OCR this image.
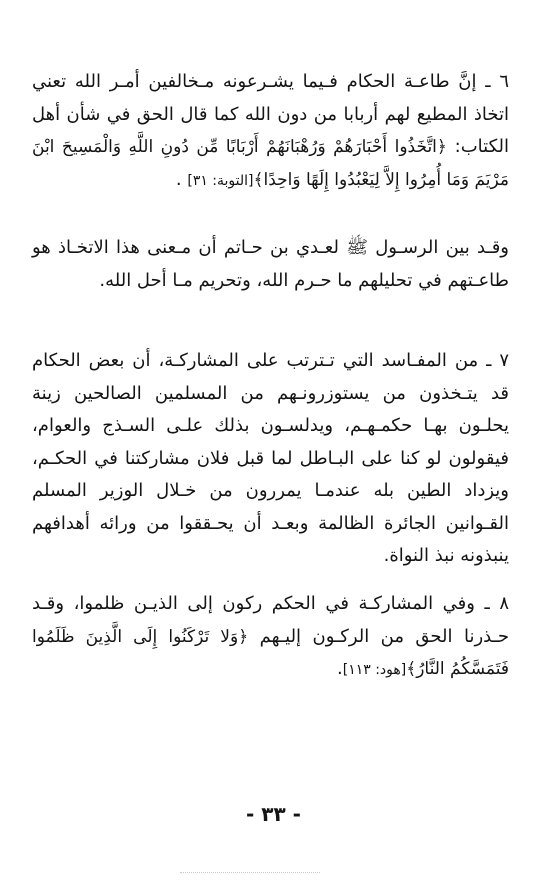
٦ ـ إنَّ طاعـة الحكام فـيما يشـرعونه مـخالفين أمـر الله تعني اتخاذ المطيع لهم أربابا من دون الله كما قال الحق في شأن أهل الكتاب: ﴿اتَّخَذُوا أَحْبَارَهُمْ وَرُهْبَانَهُمْ أَرْبَابًا مِّن دُونِ اللَّهِ وَالْمَسِيحَ ابْنَ مَرْيَمَ وَمَا أُمِرُوا إِلاَّ لِيَعْبُدُوا إِلَهًا وَاحِدًا﴾[التوبة: ٣١] .

وقـد بين الرسـول ﷺ لعـدي بن حـاتم أن مـعنى هذا الاتخـاذ هو طاعـتهم في تحليلهم ما حـرم الله، وتحريم مـا أحل الله.

٧ ـ من المفـاسد التي تـترتب على المشاركـة، أن بعض الحكام قد يتـخذون من يستوزرونـهم من المسلمين الصالحين زينة يحلـون بهـا حكمـهـم، ويدلسـون بذلك علـى السـذج والعوام، فيقولون لو كنا على البـاطل لما قبل فلان مشاركتنا في الحكـم، ويزداد الطين بله عندمـا يمررون من خـلال الوزير المسلم القـوانين الجائرة الظالمة وبعـد أن يحـققوا من ورائه أهدافهم ينبذونه نبذ النواة.

٨ ـ وفي المشاركـة في الحكم ركون إلى الذيـن ظلموا، وقـد حـذرنا الحق من الركـون إليـهم ﴿وَلا تَرْكَنُوا إِلَى الَّذِينَ ظَلَمُوا فَتَمَسَّكُمُ النَّارُ﴾[هود: ١١٣].

- ٣٣ -
